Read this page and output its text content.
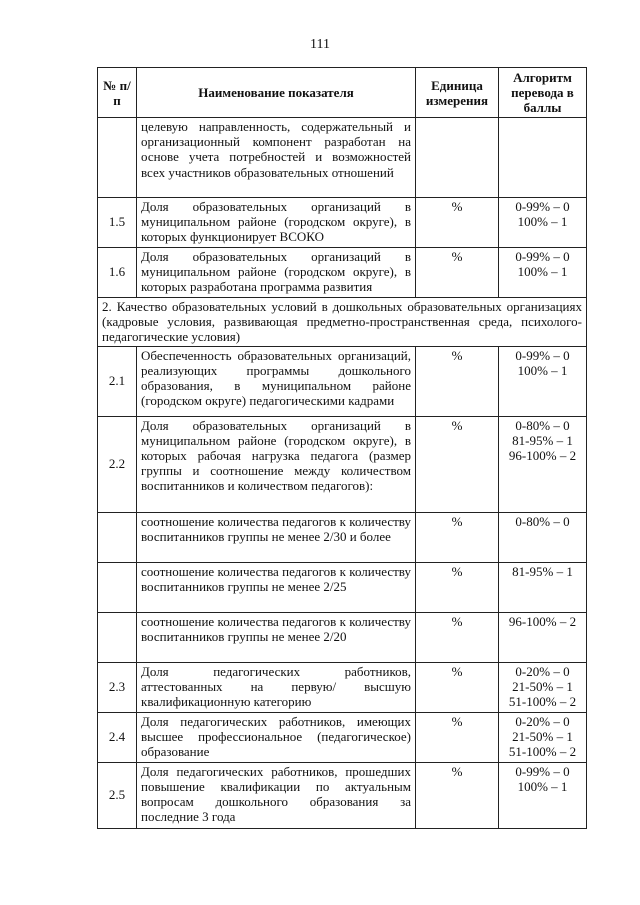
111
№ п/п	Наименование показателя	Единица измерения	Алгоритм перевода в баллы
	целевую направленность, содержательный и организационный компонент разработан на основе учета потребностей и возможностей всех участников образовательных отношений		
1.5	Доля образовательных организаций в муниципальном районе (городском округе), в которых функционирует ВСОКО	%	0-99% – 0
100% – 1

1.6	Доля образовательных организаций в муниципальном районе (городском округе), в которых разработана программа развития	%	0-99% – 0
100% – 1

2. Качество образовательных условий в дошкольных образовательных организациях (кадровые условия, развивающая предметно-пространственная среда, психолого-педагогические условия)			
2.1	Обеспеченность образовательных организаций, реализующих программы дошкольного образования, в муниципальном районе (городском округе) педагогическими кадрами	%	0-99% – 0
100% – 1

2.2	Доля образовательных организаций в муниципальном районе (городском округе), в которых рабочая нагрузка педагога (размер группы и соотношение между количеством воспитанников и количеством педагогов):	%	0-80% – 0
81-95% – 1
96-100% – 2

	соотношение количества педагогов к количеству воспитанников группы не менее 2/30 и более	%	0-80% – 0

	соотношение количества педагогов к количеству воспитанников группы не менее 2/25	%	81-95% – 1

	соотношение количества педагогов к количеству воспитанников группы не менее 2/20	%	96-100% – 2

2.3	Доля педагогических работников, аттестованных на первую/ высшую квалификационную категорию	%	0-20% – 0
21-50% – 1
51-100% – 2

2.4	Доля педагогических работников, имеющих высшее профессиональное (педагогическое) образование	%	0-20% – 0
21-50% – 1
51-100% – 2

2.5	Доля педагогических работников, прошедших повышение квалификации по актуальным вопросам дошкольного образования за последние 3 года	%	0-99% – 0
100% – 1
